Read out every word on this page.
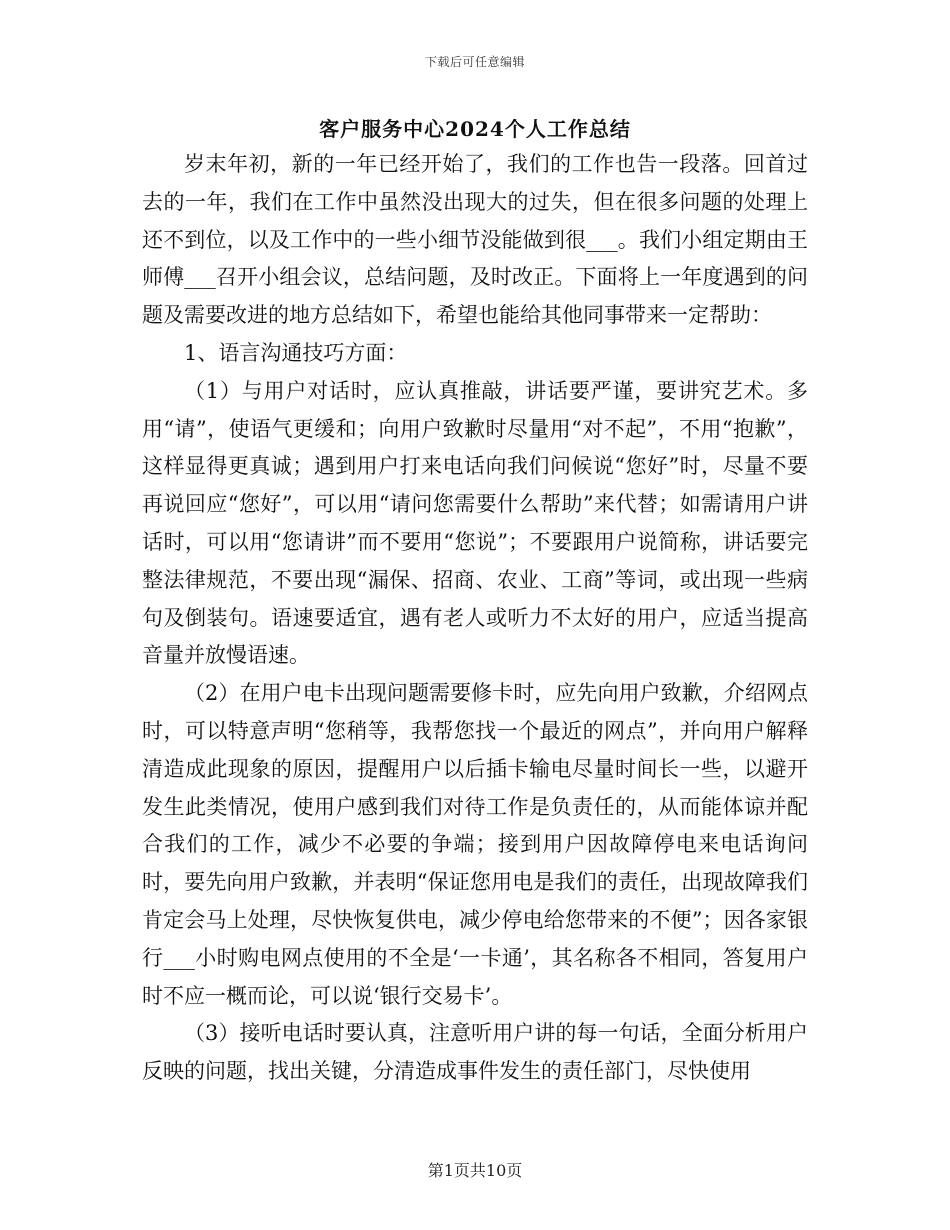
下载后可任意编辑
客户服务中心2024个人工作总结

岁末年初，新的一年已经开始了，我们的工作也告一段落。回首过去的一年，我们在工作中虽然没出现大的过失，但在很多问题的处理上还不到位，以及工作中的一些小细节没能做到很___。我们小组定期由王师傅___召开小组会议，总结问题，及时改正。下面将上一年度遇到的问题及需要改进的地方总结如下，希望也能给其他同事带来一定帮助：

1、语言沟通技巧方面：

（1）与用户对话时，应认真推敲，讲话要严谨，要讲究艺术。多用“请”，使语气更缓和；向用户致歉时尽量用“对不起”，不用“抱歉”，这样显得更真诚；遇到用户打来电话向我们问候说“您好”时，尽量不要再说回应“您好”，可以用“请问您需要什么帮助”来代替；如需请用户讲话时，可以用“您请讲”而不要用“您说”；不要跟用户说简称，讲话要完整法律规范，不要出现“漏保、招商、农业、工商”等词，或出现一些病句及倒装句。语速要适宜，遇有老人或听力不太好的用户，应适当提高音量并放慢语速。

（2）在用户电卡出现问题需要修卡时，应先向用户致歉，介绍网点时，可以特意声明“您稍等，我帮您找一个最近的网点”，并向用户解释清造成此现象的原因，提醒用户以后插卡输电尽量时间长一些，以避开发生此类情况，使用户感到我们对待工作是负责任的，从而能体谅并配合我们的工作，减少不必要的争端；接到用户因故障停电来电话询问时，要先向用户致歉，并表明“保证您用电是我们的责任，出现故障我们肯定会马上处理，尽快恢复供电，减少停电给您带来的不便”；因各家银行___小时购电网点使用的不全是‘一卡通’，其名称各不相同，答复用户时不应一概而论，可以说‘银行交易卡’。

（3）接听电话时要认真，注意听用户讲的每一句话，全面分析用户反映的问题，找出关键，分清造成事件发生的责任部门，尽快使用

第1页共10页
